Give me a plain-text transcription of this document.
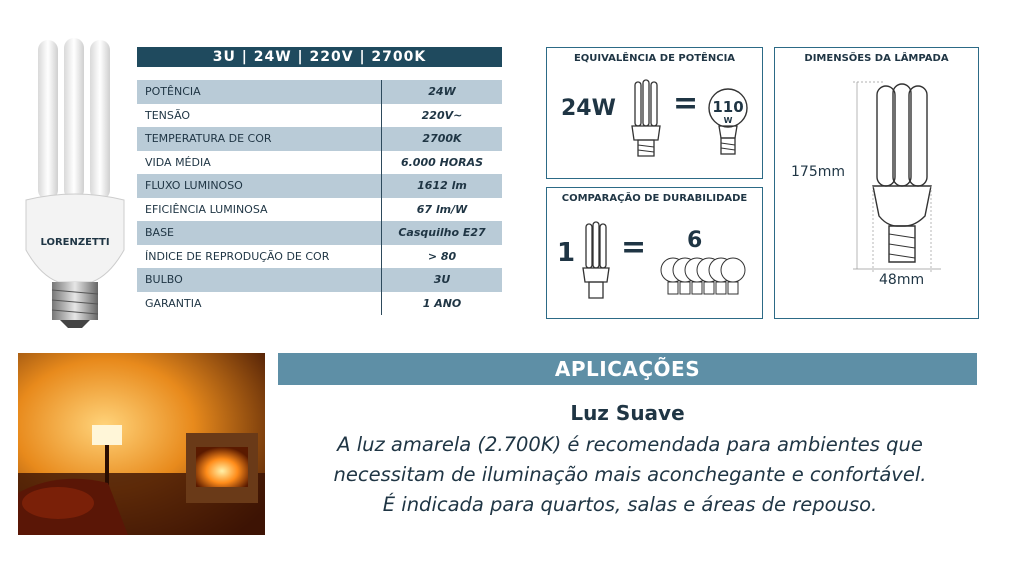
LORENZETTI
3U | 24W | 220V | 2700K
POTÊNCIA	24W
TENSÃO	220V~
TEMPERATURA DE COR	2700K
VIDA MÉDIA	6.000 HORAS
FLUXO LUMINOSO	1612 lm
EFICIÊNCIA LUMINOSA	67 lm/W
BASE	Casquilho E27
ÍNDICE DE REPRODUÇÃO DE COR	> 80
BULBO	3U
GARANTIA	1 ANO
EQUIVALÊNCIA DE POTÊNCIA
24W = 110
W
COMPARAÇÃO DE DURABILIDADE
1 = 6
DIMENSÕES DA LÂMPADA
175mm
48mm
APLICAÇÕES
Luz Suave
A luz amarela (2.700K) é recomendada para ambientes que
necessitam de iluminação mais aconchegante e confortável.
É indicada para quartos, salas e áreas de repouso.
